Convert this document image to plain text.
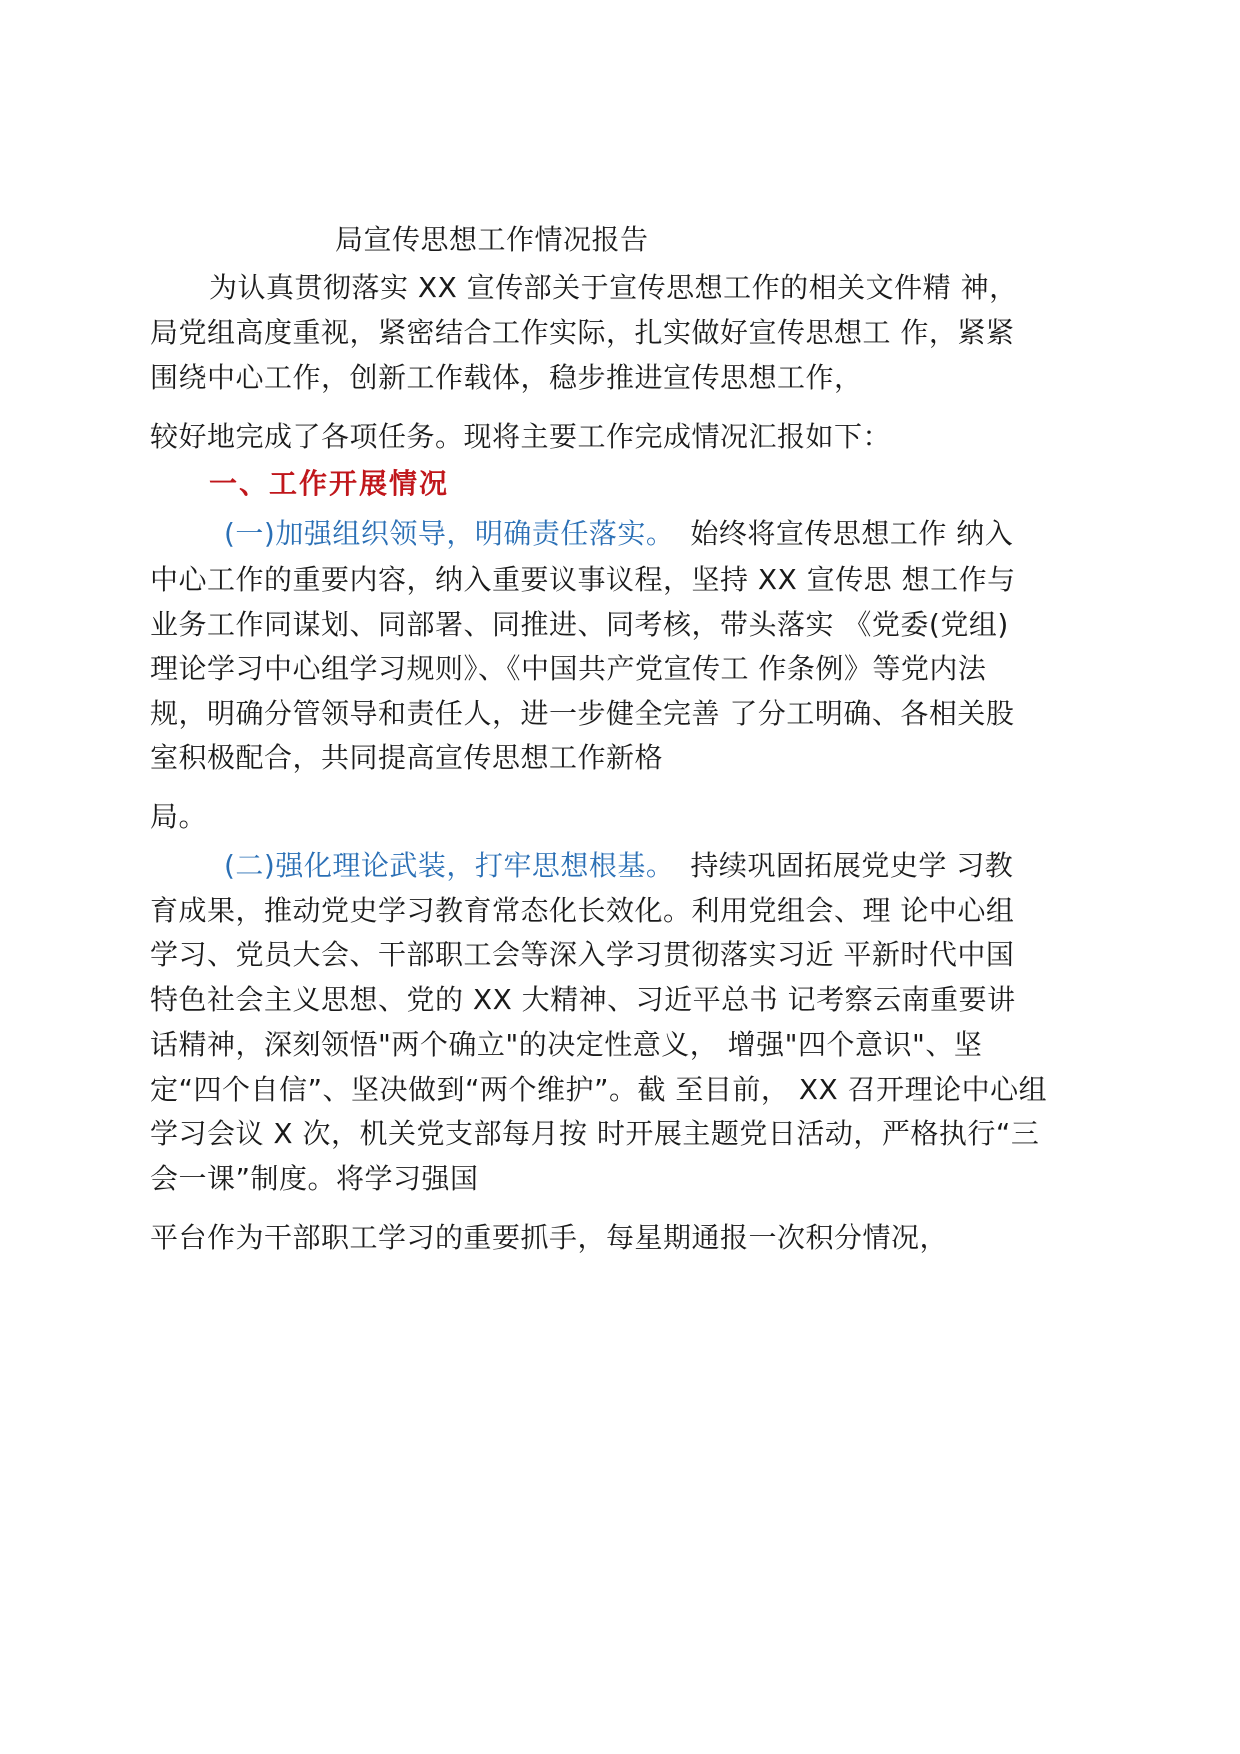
局宣传思想工作情况报告
为认真贯彻落实 XX 宣传部关于宣传思想工作的相关文件精 神，
局党组高度重视，紧密结合工作实际，扎实做好宣传思想工 作，紧紧
围绕中心工作，创新工作载体，稳步推进宣传思想工作，
较好地完成了各项任务。现将主要工作完成情况汇报如下：
一、工作开展情况
(一)加强组织领导，明确责任落实。 始终将宣传思想工作 纳入
中心工作的重要内容，纳入重要议事议程，坚持 XX 宣传思 想工作与
业务工作同谋划、同部署、同推进、同考核，带头落实 《党委(党组)
理论学习中心组学习规则》、《中国共产党宣传工 作条例》等党内法
规，明确分管领导和责任人，进一步健全完善 了分工明确、各相关股
室积极配合，共同提高宣传思想工作新格
局。
(二)强化理论武装，打牢思想根基。 持续巩固拓展党史学 习教
育成果，推动党史学习教育常态化长效化。利用党组会、理 论中心组
学习、党员大会、干部职工会等深入学习贯彻落实习近 平新时代中国
特色社会主义思想、党的 XX 大精神、习近平总书 记考察云南重要讲
话精神，深刻领悟"两个确立"的决定性意义， 增强"四个意识"、坚
定“四个自信”、坚决做到“两个维护”。截 至目前， XX 召开理论中心组
学习会议 X 次，机关党支部每月按 时开展主题党日活动，严格执行“三
会一课”制度。将学习强国
平台作为干部职工学习的重要抓手，每星期通报一次积分情况，
